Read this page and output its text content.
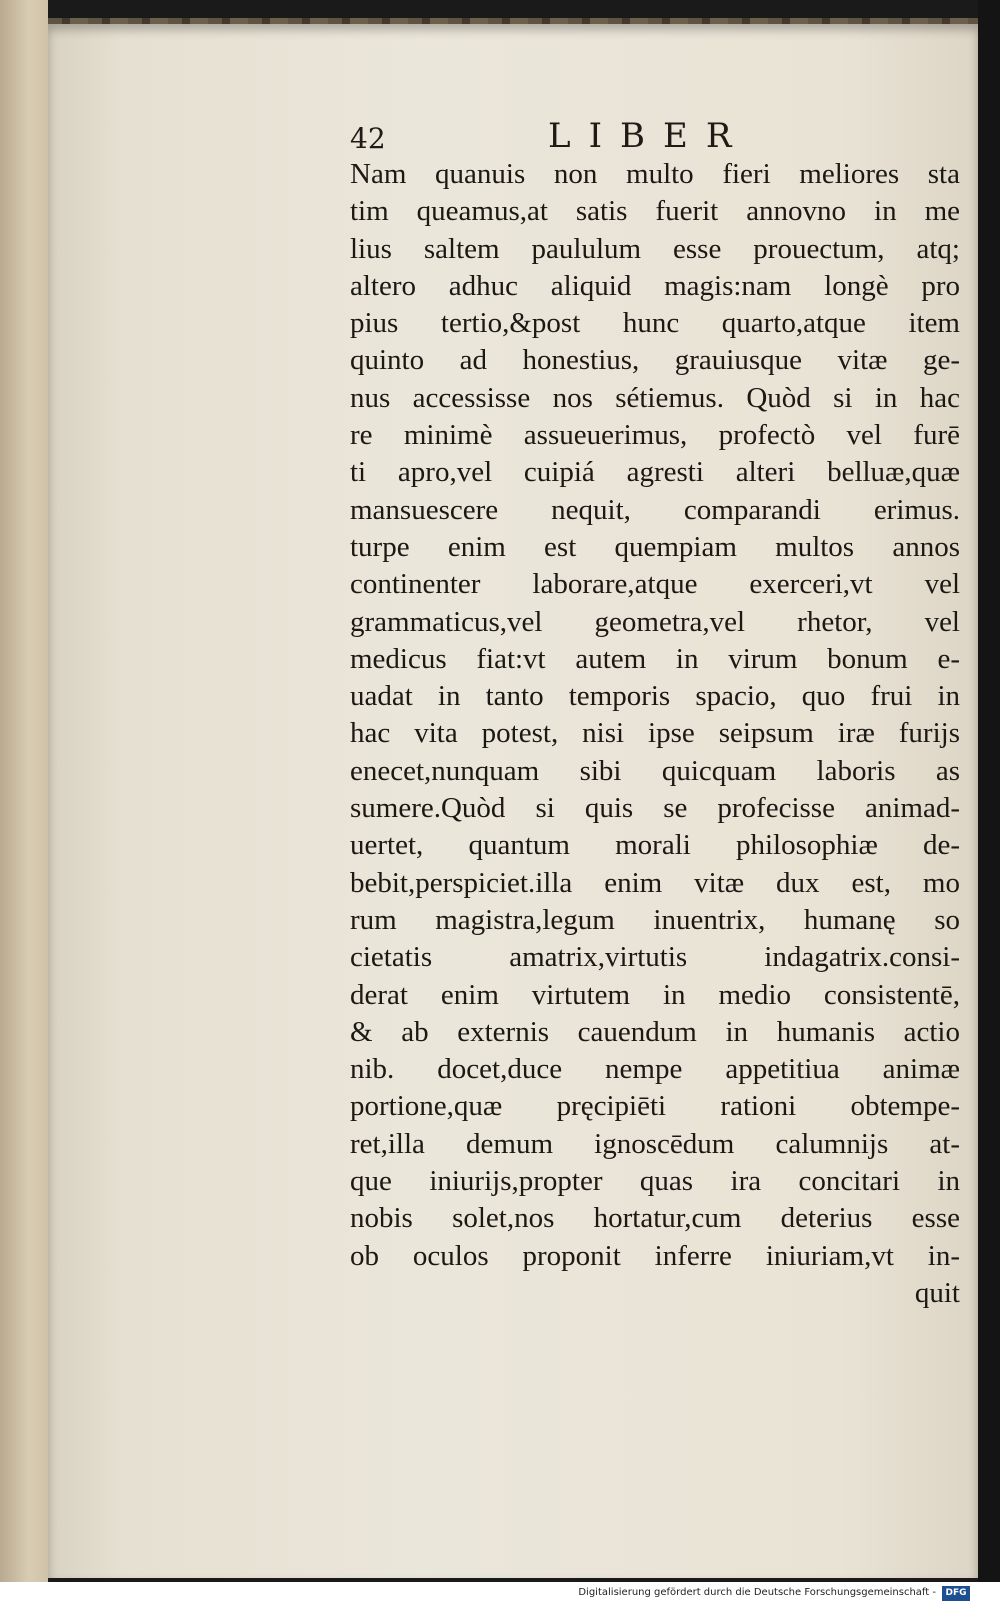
42	LIBER
Nam quanuis non multo fieri meliores sta
tim queamus,at satis fuerit annovno in me
lius saltem paululum esse prouectum, atq;
altero adhuc aliquid magis:nam longè pro
pius tertio,&post hunc quarto,atque item
quinto ad honestius, grauiusque vitæ ge-
nus accessisse nos sétiemus. Quòd si in hac
re minimè assueuerimus, profectò vel furē
ti apro,vel cuipiá agresti alteri belluæ,quæ
mansuescere nequit, comparandi erimus.
turpe enim est quempiam multos annos
continenter laborare,atque exerceri,vt vel
grammaticus,vel geometra,vel rhetor, vel
medicus fiat:vt autem in virum bonum e-
uadat in tanto temporis spacio, quo frui in
hac vita potest, nisi ipse seipsum iræ furijs
enecet,nunquam sibi quicquam laboris as
sumere.Quòd si quis se profecisse animad-
uertet, quantum morali philosophiæ de-
bebit,perspiciet.illa enim vitæ dux est, mo
rum magistra,legum inuentrix, humanę so
cietatis amatrix,virtutis indagatrix.consi-
derat enim virtutem in medio consistentē,
& ab externis cauendum in humanis actio
nib. docet,duce nempe appetitiua animæ
portione,quæ pręcipiēti rationi obtempe-
ret,illa demum ignoscēdum calumnijs at-
que iniurijs,propter quas ira concitari in
nobis solet,nos hortatur,cum deterius esse
ob oculos proponit inferre iniuriam,vt in-
quit
Digitalisierung gefördert durch die Deutsche Forschungsgemeinschaft -	DFG
